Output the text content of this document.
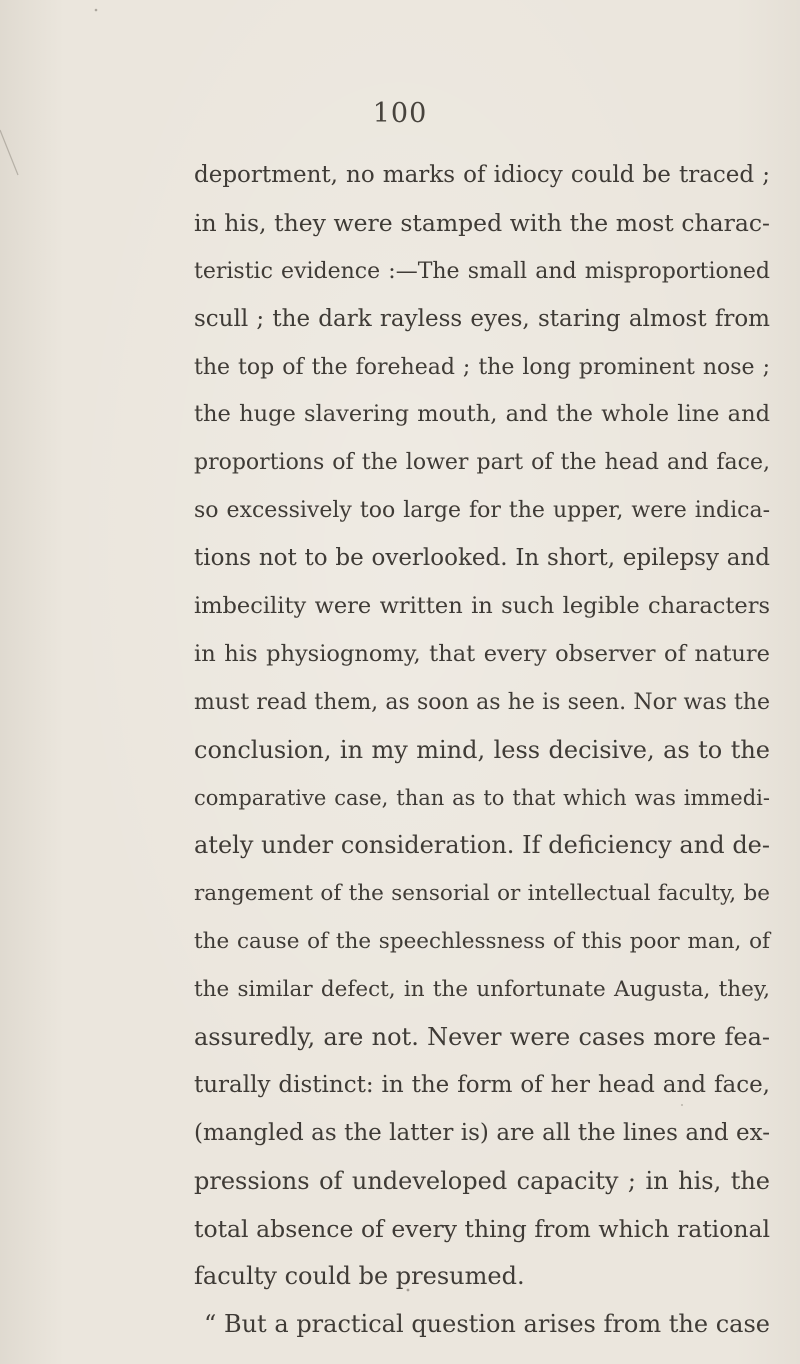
100
deportment, no marks of idiocy could be traced ;
in his, they were stamped with the most charac-
teristic evidence :—The small and misproportioned
scull ; the dark rayless eyes, staring almost from
the top of the forehead ; the long prominent nose ;
the huge slavering mouth, and the whole line and
proportions of the lower part of the head and face,
so excessively too large for the upper, were indica-
tions not to be overlooked. In short, epilepsy and
imbecility were written in such legible characters
in his physiognomy, that every observer of nature
must read them, as soon as he is seen. Nor was the
conclusion, in my mind, less decisive, as to the
comparative case, than as to that which was immedi-
ately under consideration. If deficiency and de-
rangement of the sensorial or intellectual faculty, be
the cause of the speechlessness of this poor man, of
the similar defect, in the unfortunate Augusta, they,
assuredly, are not. Never were cases more fea-
turally distinct: in the form of her head and face,
(mangled as the latter is) are all the lines and ex-
pressions of undeveloped capacity ; in his, the
total absence of every thing from which rational
faculty could be presumed.
“ But a practical question arises from the case
